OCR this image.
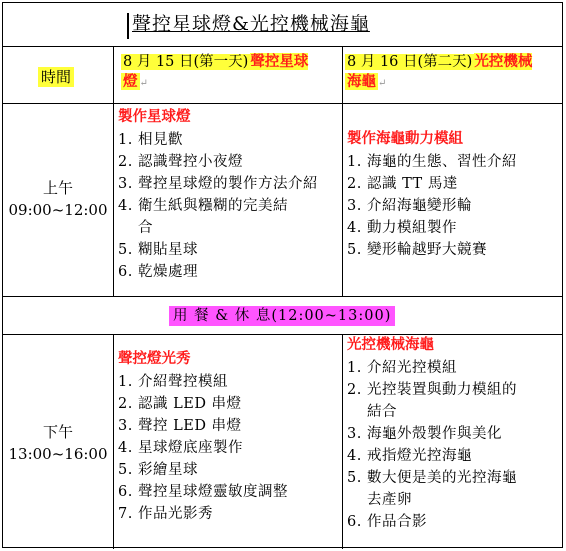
聲控星球燈&光控機械海龜
時間
8 月 15 日(第一天) 聲控星球
燈 ↵
8 月 16 日(第二天) 光控機械
海龜 ↵
上午
09:00~12:00
製作星球燈
1. 相見歡
2. 認識聲控小夜燈
3. 聲控星球燈的製作方法介紹
4. 衛生紙與糨糊的完美結
合
5. 糊貼星球
6. 乾燥處理
製作海龜動力模組
1. 海龜的生態、習性介紹
2. 認識 TT 馬達
3. 介紹海龜變形輪
4. 動力模組製作
5. 變形輪越野大競賽
用 餐 & 休 息(12:00~13:00)
下午
13:00~16:00
聲控燈光秀
1. 介紹聲控模組
2. 認識 LED 串燈
3. 聲控 LED 串燈
4. 星球燈底座製作
5. 彩繪星球
6. 聲控星球燈靈敏度調整
7. 作品光影秀
光控機械海龜
1. 介紹光控模組
2. 光控裝置與動力模組的
結合
3. 海龜外殼製作與美化
4. 戒指燈光控海龜
5. 數大便是美的光控海龜
去產卵
6. 作品合影
